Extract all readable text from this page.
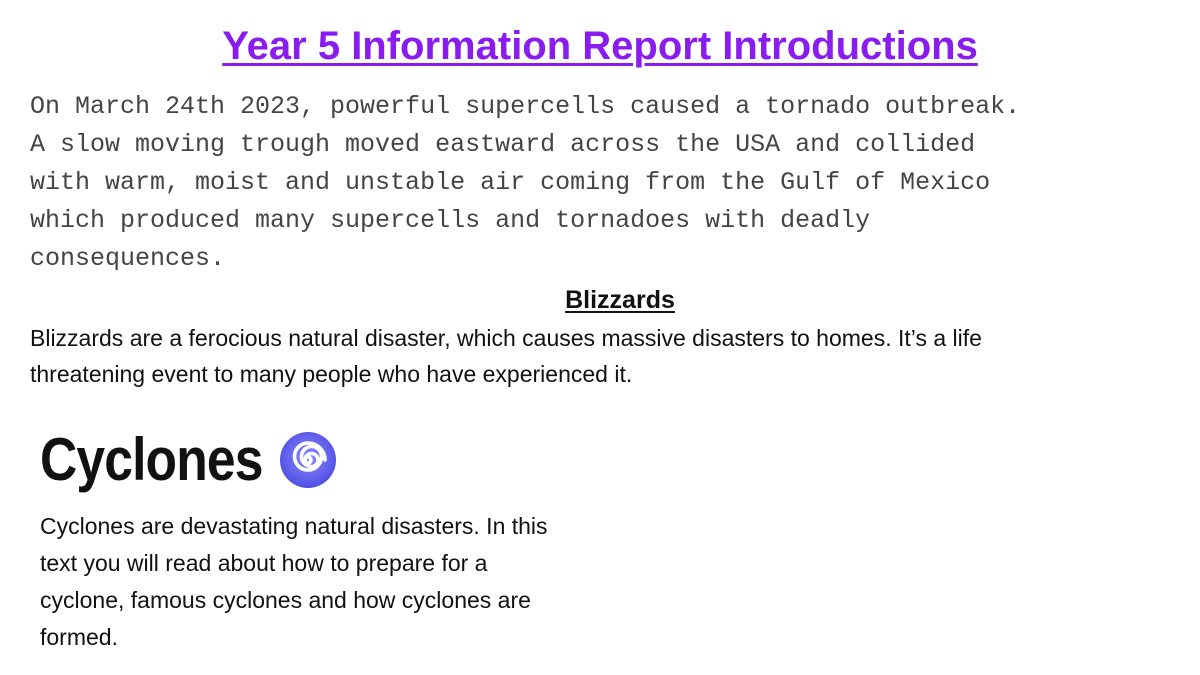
Year 5 Information Report Introductions
On March 24th 2023, powerful supercells caused a tornado outbreak.
A slow moving trough moved eastward across the USA and collided
with warm, moist and unstable air coming from the Gulf of Mexico
which produced many supercells and tornadoes with deadly
consequences.
Blizzards
Blizzards are a ferocious natural disaster, which causes massive disasters to homes. It’s a life
threatening event to many people who have experienced it.
Cyclones
Cyclones are devastating natural disasters. In this
text you will read about how to prepare for a
cyclone, famous cyclones and how cyclones are
formed.
